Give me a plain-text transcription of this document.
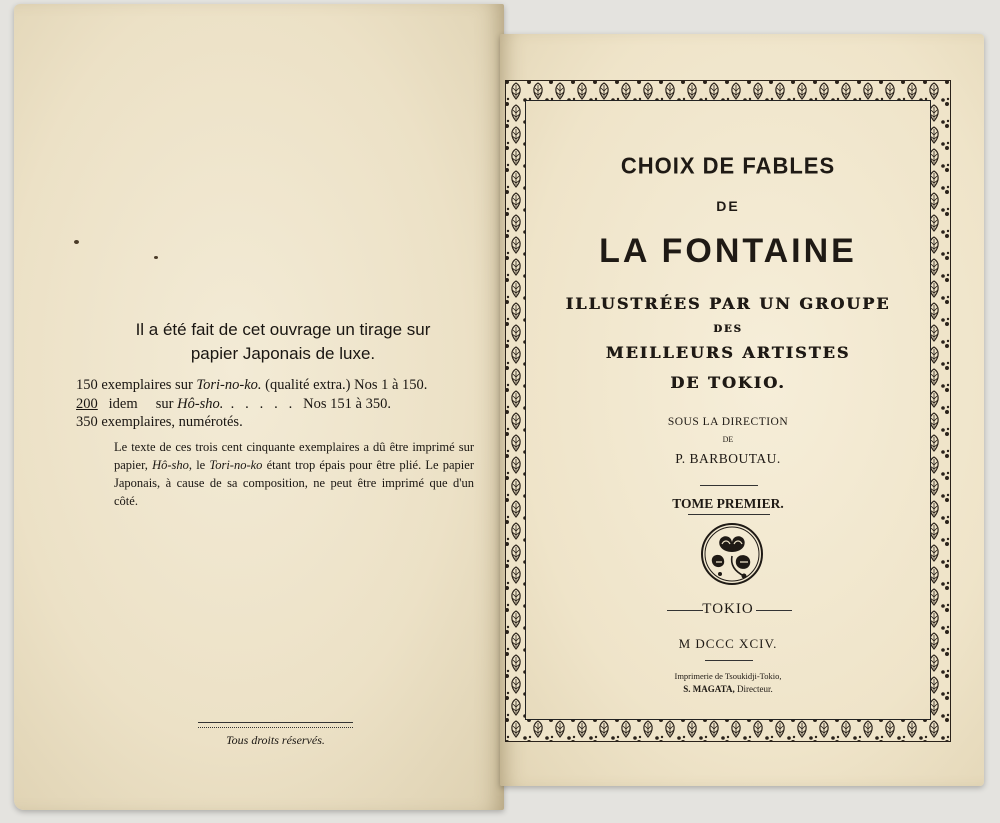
Il a été fait de cet ouvrage un tirage sur
papier Japonais de luxe.
150 exemplaires sur Tori-no-ko. (qualité extra.) Nos 1 à 150.
200   idem     sur Hô-sho.  .   .   .   .   .   Nos 151 à 350.
350 exemplaires, numérotés.
Le texte de ces trois cent cinquante exemplaires a dû être imprimé sur papier, Hô-sho, le Tori-no-ko étant trop épais pour être plié. Le papier Japonais, à cause de sa composition, ne peut être imprimé que d'un côté.
Tous droits réservés.
CHOIX DE FABLES
DE
LA FONTAINE
ILLUSTRÉES PAR UN GROUPE
DES
MEILLEURS ARTISTES
DE TOKIO.
SOUS LA DIRECTION
DE
P. BARBOUTAU.
TOME PREMIER.
TOKIO
M DCCC XCIV.
Imprimerie de Tsoukidji-Tokio,
S. MAGATA, Directeur.
